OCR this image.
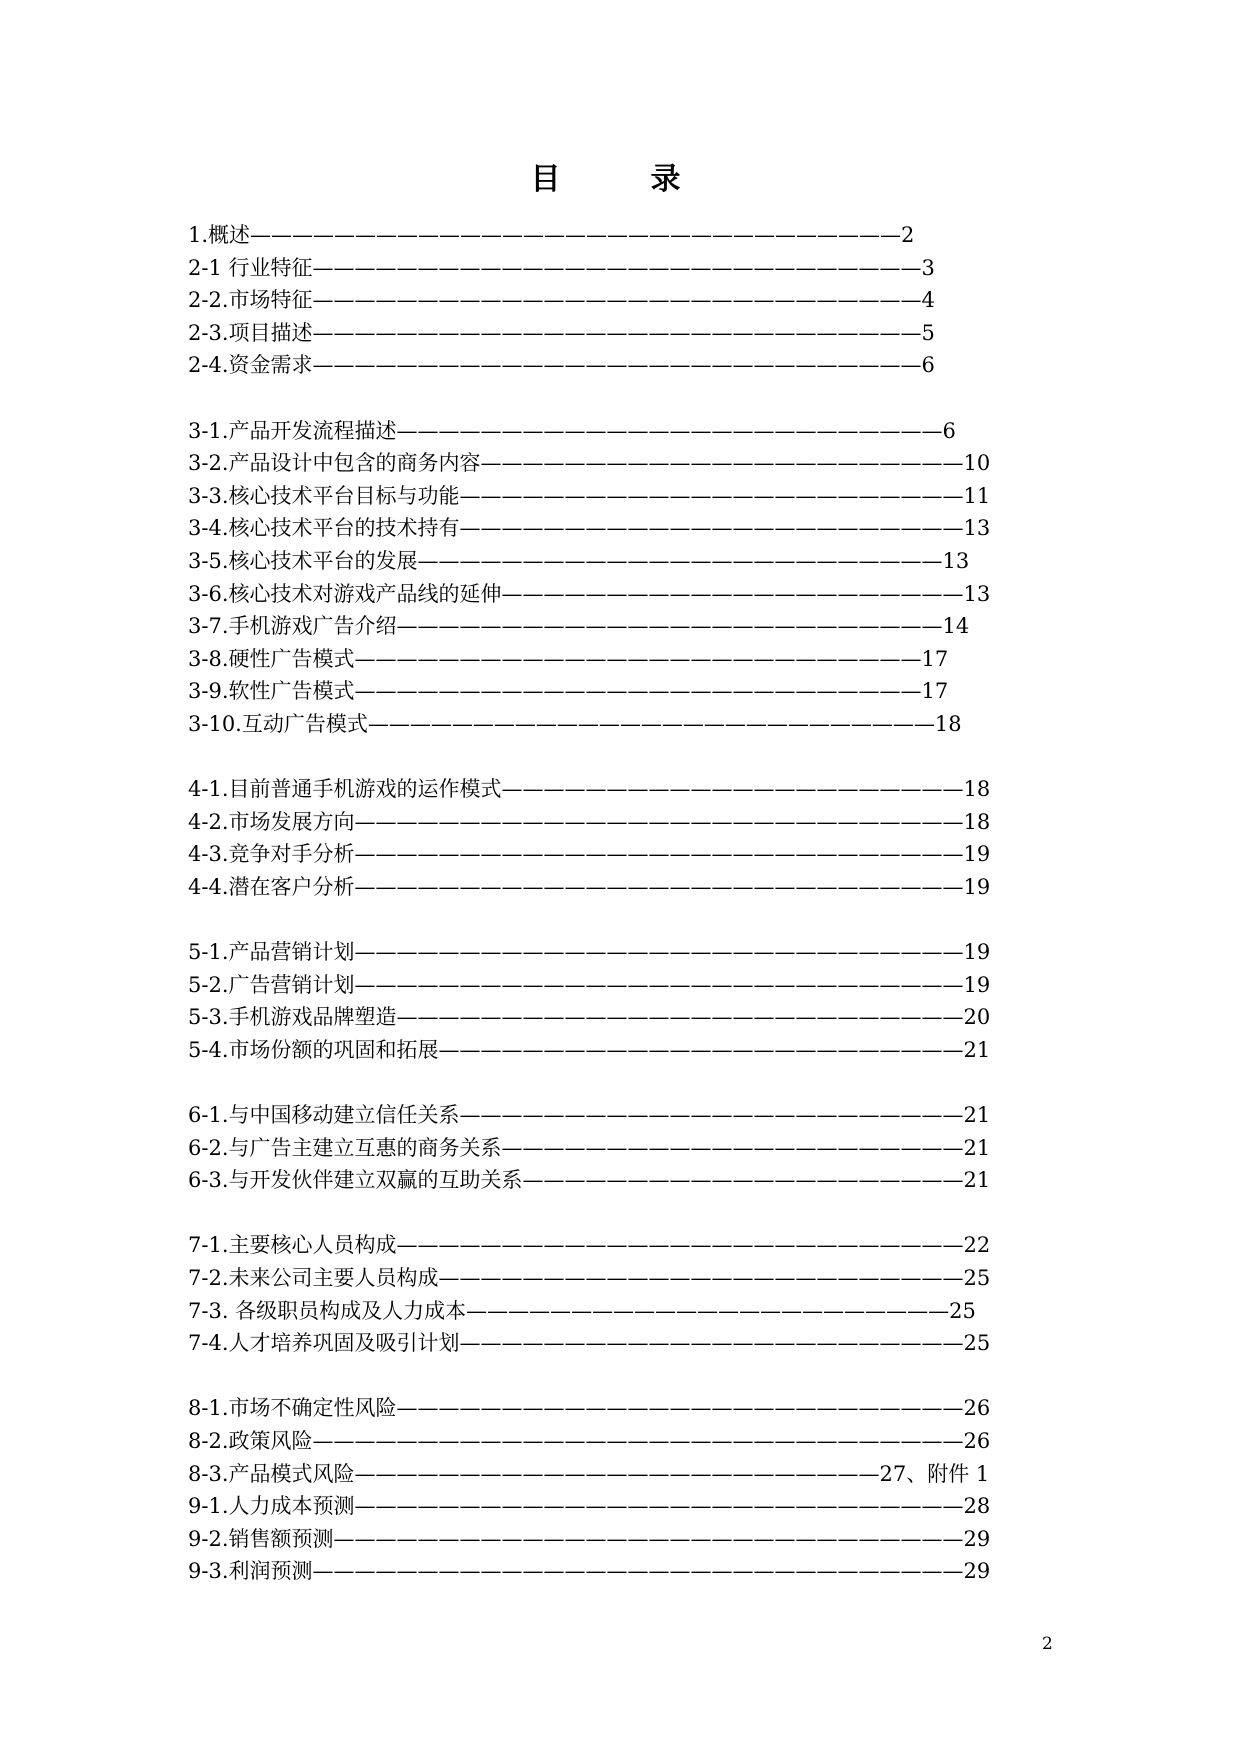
目　录
1.概述———————————————————————————————2
2-1 行业特征—————————————————————————————3
2-2.市场特征—————————————————————————————4
2-3.项目描述—————————————————————————————5
2-4.资金需求—————————————————————————————6
3-1.产品开发流程描述——————————————————————————6
3-2.产品设计中包含的商务内容———————————————————————10
3-3.核心技术平台目标与功能————————————————————————11
3-4.核心技术平台的技术持有————————————————————————13
3-5.核心技术平台的发展—————————————————————————13
3-6.核心技术对游戏产品线的延伸——————————————————————13
3-7.手机游戏广告介绍——————————————————————————14
3-8.硬性广告模式———————————————————————————17
3-9.软性广告模式———————————————————————————17
3-10.互动广告模式———————————————————————————18
4-1.目前普通手机游戏的运作模式——————————————————————18
4-2.市场发展方向—————————————————————————————18
4-3.竞争对手分析—————————————————————————————19
4-4.潜在客户分析—————————————————————————————19
5-1.产品营销计划—————————————————————————————19
5-2.广告营销计划—————————————————————————————19
5-3.手机游戏品牌塑造———————————————————————————20
5-4.市场份额的巩固和拓展—————————————————————————21
6-1.与中国移动建立信任关系————————————————————————21
6-2.与广告主建立互惠的商务关系——————————————————————21
6-3.与开发伙伴建立双赢的互助关系—————————————————————21
7-1.主要核心人员构成———————————————————————————22
7-2.未来公司主要人员构成—————————————————————————25
7-3. 各级职员构成及人力成本———————————————————————25
7-4.人才培养巩固及吸引计划————————————————————————25
8-1.市场不确定性风险———————————————————————————26
8-2.政策风险———————————————————————————————26
8-3.产品模式风险—————————————————————————27、附件 1
9-1.人力成本预测—————————————————————————————28
9-2.销售额预测——————————————————————————————29
9-3.利润预测———————————————————————————————29
2
